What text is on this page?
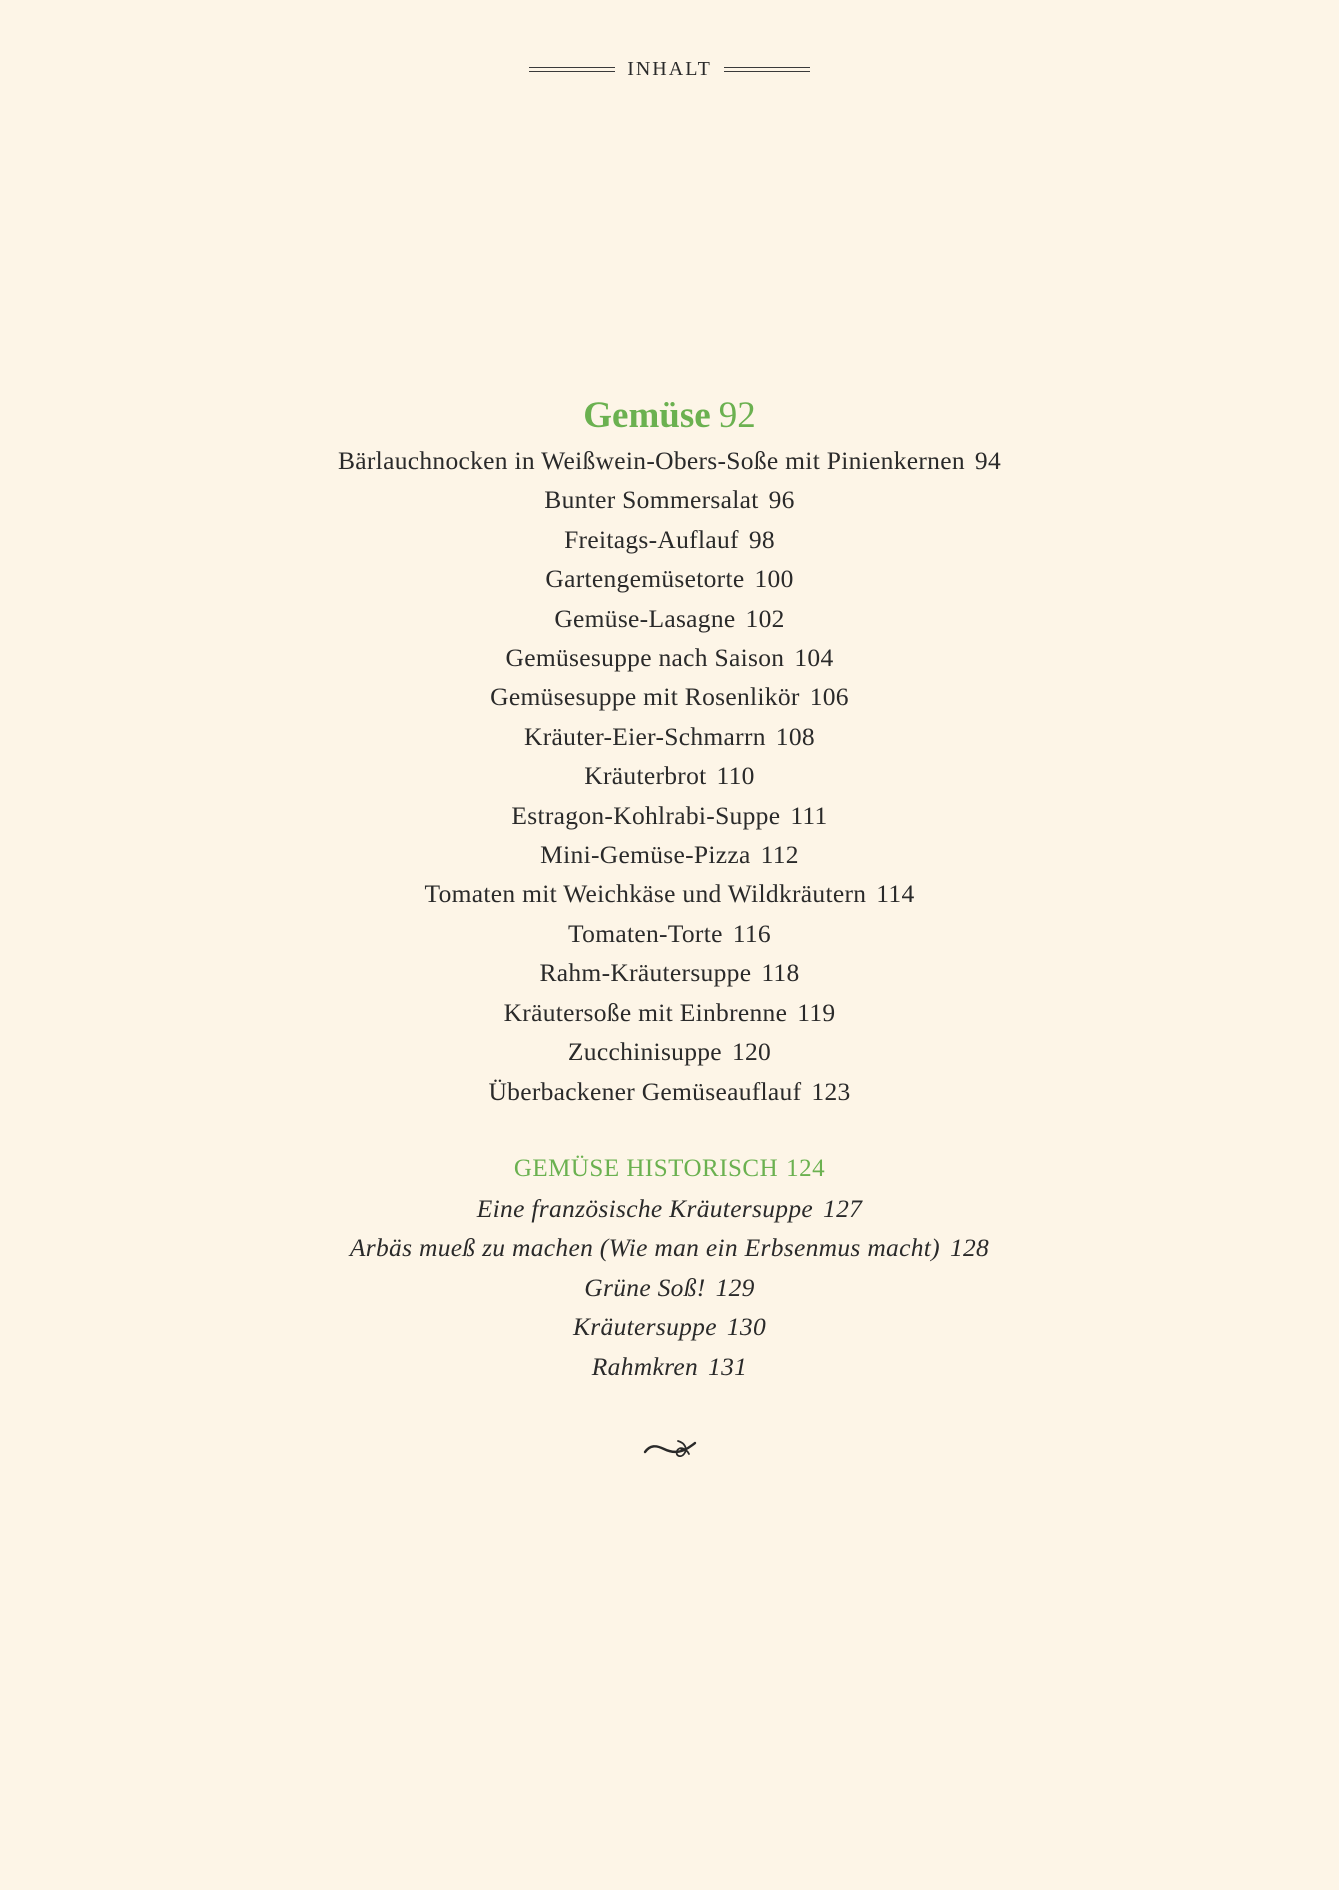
INHALT
Gemüse 92
Bärlauchnocken in Weißwein-Obers-Soße mit Pinienkernen 94
Bunter Sommersalat 96
Freitags-Auflauf 98
Gartengemüsetorte 100
Gemüse-Lasagne 102
Gemüsesuppe nach Saison 104
Gemüsesuppe mit Rosenlikör 106
Kräuter-Eier-Schmarrn 108
Kräuterbrot 110
Estragon-Kohlrabi-Suppe 111
Mini-Gemüse-Pizza 112
Tomaten mit Weichkäse und Wildkräutern 114
Tomaten-Torte 116
Rahm-Kräutersuppe 118
Kräutersoße mit Einbrenne 119
Zucchinisuppe 120
Überbackener Gemüseauflauf 123
GEMÜSE HISTORISCH 124
Eine französische Kräutersuppe 127
Arbäs mueß zu machen (Wie man ein Erbsenmus macht) 128
Grüne Soß! 129
Kräutersuppe 130
Rahmkren 131
